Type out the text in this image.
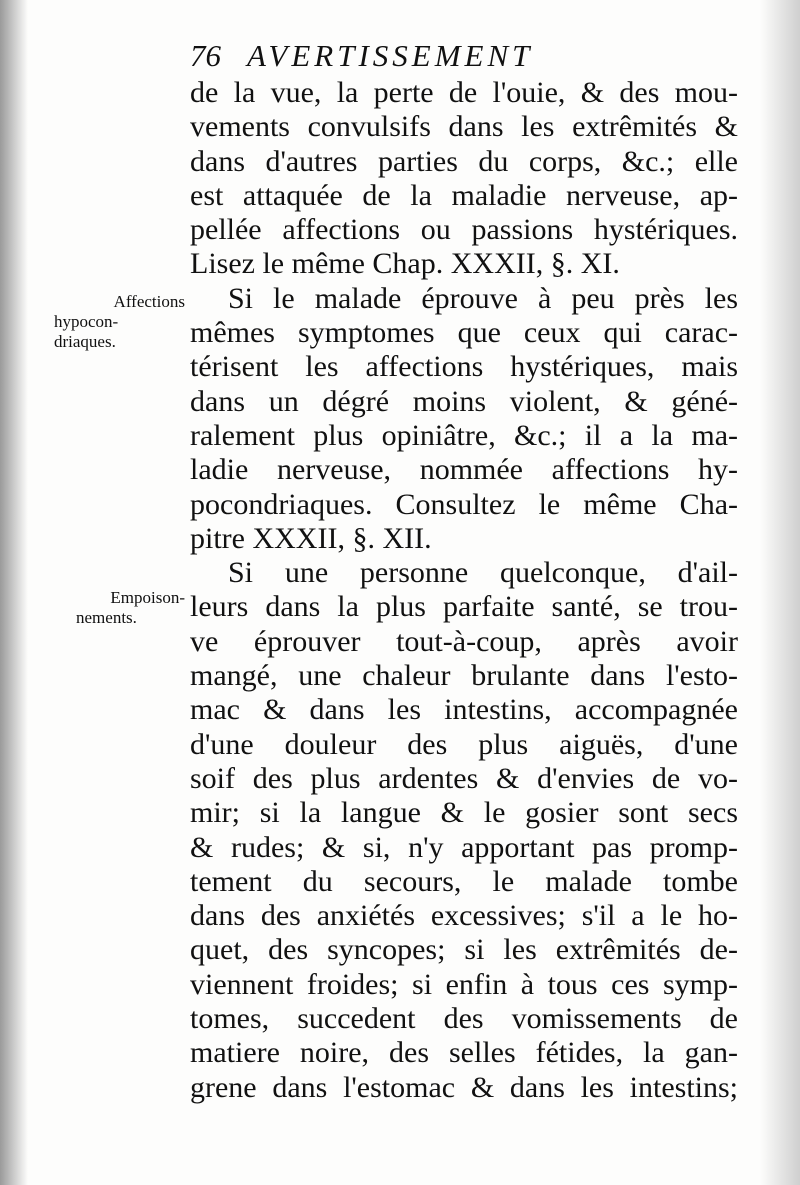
76 AVERTISSEMENT
Affections
hypocon-
driaques.
Empoison-
nements.
de la vue, la perte de l'ouie, & des mou-
vements convulsifs dans les extrêmités &
dans d'autres parties du corps, &c.; elle
est attaquée de la maladie nerveuse, ap-
pellée affections ou passions hystériques.
Lisez le même Chap. XXXII, §. XI.
Si le malade éprouve à peu près les
mêmes symptomes que ceux qui carac-
térisent les affections hystériques, mais
dans un dégré moins violent, & géné-
ralement plus opiniâtre, &c.; il a la ma-
ladie nerveuse, nommée affections hy-
pocondriaques. Consultez le même Cha-
pitre XXXII, §. XII.
Si une personne quelconque, d'ail-
leurs dans la plus parfaite santé, se trou-
ve éprouver tout-à-coup, après avoir
mangé, une chaleur brulante dans l'esto-
mac & dans les intestins, accompagnée
d'une douleur des plus aiguës, d'une
soif des plus ardentes & d'envies de vo-
mir; si la langue & le gosier sont secs
& rudes; & si, n'y apportant pas promp-
tement du secours, le malade tombe
dans des anxiétés excessives; s'il a le ho-
quet, des syncopes; si les extrêmités de-
viennent froides; si enfin à tous ces symp-
tomes, succedent des vomissements de
matiere noire, des selles fétides, la gan-
grene dans l'estomac & dans les intestins;
